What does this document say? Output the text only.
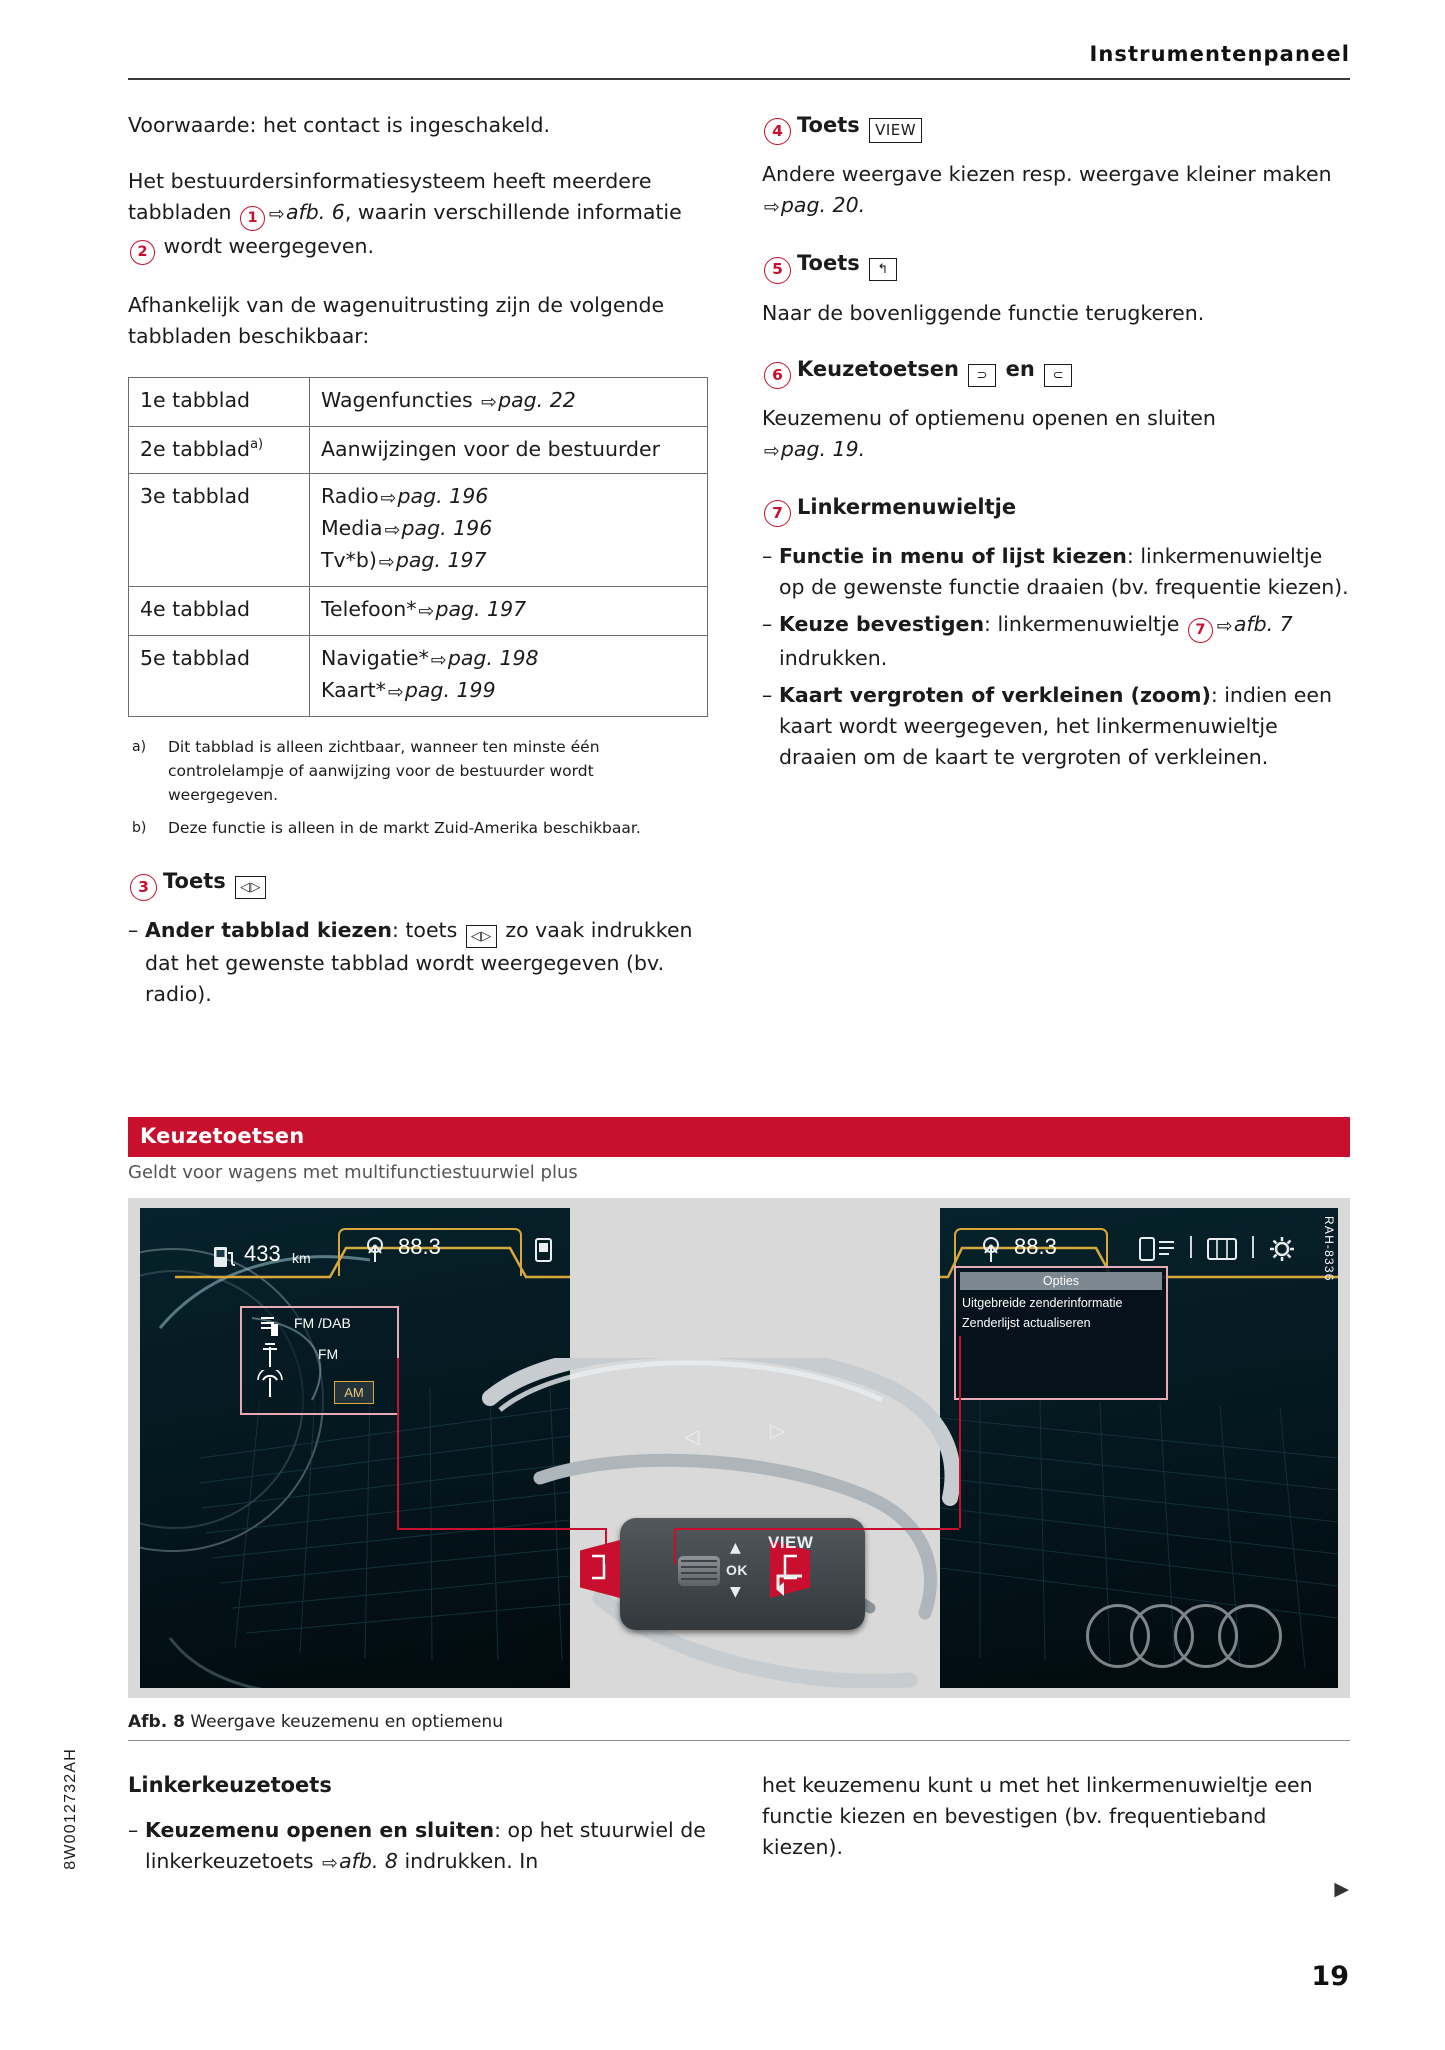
Instrumentenpaneel

Voorwaarde: het contact is ingeschakeld.

Het bestuurdersinformatiesysteem heeft meerdere tabbladen 1 ⇨afb. 6, waarin verschillende informatie 2 wordt weergegeven.

Afhankelijk van de wagenuitrusting zijn de volgende tabbladen beschikbaar:

1e tabblad	Wagenfuncties ⇨pag. 22
2e tabblad$^{a)}$	Aanwijzingen voor de bestuurder
3e tabblad	Radio ⇨pag. 196
Media ⇨pag. 196
Tv*b) ⇨pag. 197

4e tabblad	Telefoon* ⇨pag. 197
5e tabblad	Navigatie* ⇨pag. 198
Kaart* ⇨pag. 199
a)	Dit tabblad is alleen zichtbaar, wanneer ten minste één controlelampje of aanwijzing voor de bestuurder wordt weergegeven.
b)	Deze functie is alleen in de markt Zuid-Amerika beschikbaar.
3 Toets ◁▷
– Ander tabblad kiezen: toets ◁▷ zo vaak indrukken dat het gewenste tabblad wordt weergegeven (bv. radio).
4 Toets VIEW

Andere weergave kiezen resp. weergave kleiner maken ⇨pag. 20.

5 Toets ↰

Naar de bovenliggende functie terugkeren.

6 Keuzetoetsen ⊃ en ⊂

Keuzemenu of optiemenu openen en sluiten
⇨pag. 19.

7 Linkermenuwieltje
– Functie in menu of lijst kiezen: linkermenuwieltje op de gewenste functie draaien (bv. frequentie kiezen).
– Keuze bevestigen: linkermenuwieltje 7 ⇨afb. 7 indrukken.
– Kaart vergroten of verkleinen (zoom): indien een kaart wordt weergegeven, het linkermenuwieltje draaien om de kaart te vergroten of verkleinen.
Keuzetoetsen
Geldt voor wagens met multifunctiestuurwiel plus
433 km	88.3
FM /DAB
FM
AM
88.3
Opties
Uitgebreide zenderinformatie
Zenderlijst actualiseren
▲
OK
▼
◁	▷
VIEW
RAH-8336
Afb. 8 Weergave keuzemenu en optiemenu
Linkerkeuzetoets
– Keuzemenu openen en sluiten: op het stuurwiel de linkerkeuzetoets ⇨afb. 8 indrukken. In

het keuzemenu kunt u met het linkermenuwieltje een functie kiezen en bevestigen (bv. frequentieband kiezen).

▶
8W0012732AH
19
